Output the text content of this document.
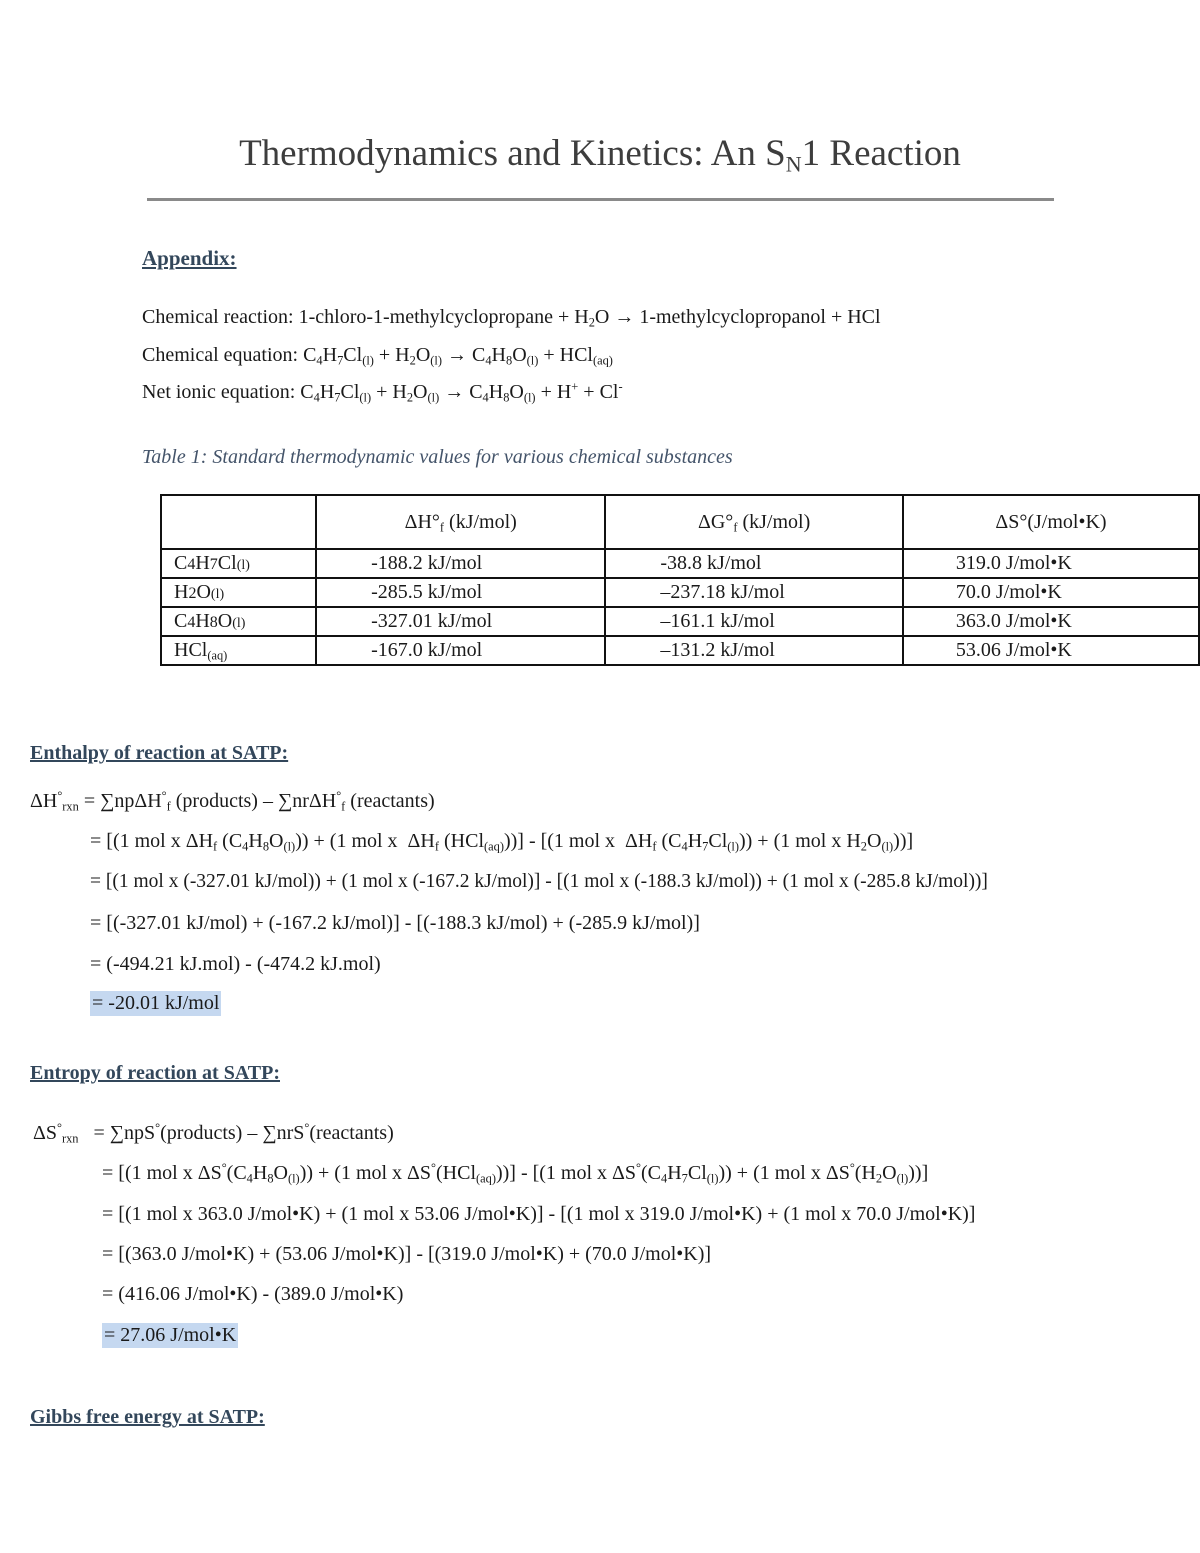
Thermodynamics and Kinetics: An $S_N1$ Reaction
Appendix:
Chemical reaction: 1-chloro-1-methylcyclopropane + $H_2O$ → 1-methylcyclopropanol + HCl
Chemical equation: $C_4H_7Cl_{(l)} + H_2O_{(l)} \to C_4H_8O_{(l)} + HCl_{(aq)}$
Net ionic equation: $C_4H_7Cl_{(l)} + H_2O_{(l)} \to C_4H_8O_{(l)} + H^+ + Cl^-$
Table 1: Standard thermodynamic values for various chemical substances
	$\Delta H^\circ_f$ (kJ/mol)	$\Delta G^\circ_f$ (kJ/mol)	ΔS°(J/mol•K)
C4H7Cl(l)	-188.2 kJ/mol	-38.8 kJ/mol	319.0 J/mol•K
H2O(l)	-285.5 kJ/mol	–237.18 kJ/mol	70.0 J/mol•K
C4H8O(l)	-327.01 kJ/mol	–161.1 kJ/mol	363.0 J/mol•K
HCl$_{(aq)}$	-167.0 kJ/mol	–131.2 kJ/mol	53.06 J/mol•K
Enthalpy of reaction at SATP:
$\Delta H^\circ_{rxn} = \sum np\Delta H^\circ_f$ (products) – ∑nrΔH°$_f$ (reactants)
= [(1 mol x $\Delta H_f$ $(C_4H_8O_{(l)})) + (1$ mol x  $\Delta H_f$ (HCl$_{(aq)}$))] - [(1 mol x  $\Delta H_f$ $(C_4H_7Cl_{(l)})) + (1$ mol x $H_2O_{(l)}$))]
= [(1 mol x (-327.01 kJ/mol)) + (1 mol x (-167.2 kJ/mol)] - [(1 mol x (-188.3 kJ/mol)) + (1 mol x (-285.8 kJ/mol))]
= [(-327.01 kJ/mol) + (-167.2 kJ/mol)] - [(-188.3 kJ/mol) + (-285.9 kJ/mol)]
= (-494.21 kJ.mol) - (-474.2 kJ.mol)
= -20.01 kJ/mol
Entropy of reaction at SATP:
$\Delta S^\circ_{rxn}$   = ∑npS°(products) – ∑nrS°(reactants)
= [(1 mol x $\Delta S^\circ(C_4H_8O_{(l)})) + (1$ mol x ΔS°(HCl$_{(aq)}$))] - [(1 mol x $\Delta S^\circ(C_4H_7Cl_{(l)})) + (1$ mol x $\Delta S^\circ(H_2O_{(l)})$)]
= [(1 mol x 363.0 J/mol•K) + (1 mol x 53.06 J/mol•K)] - [(1 mol x 319.0 J/mol•K) + (1 mol x 70.0 J/mol•K)]
= [(363.0 J/mol•K) + (53.06 J/mol•K)] - [(319.0 J/mol•K) + (70.0 J/mol•K)]
= (416.06 J/mol•K) - (389.0 J/mol•K)
= 27.06 J/mol•K
Gibbs free energy at SATP:
